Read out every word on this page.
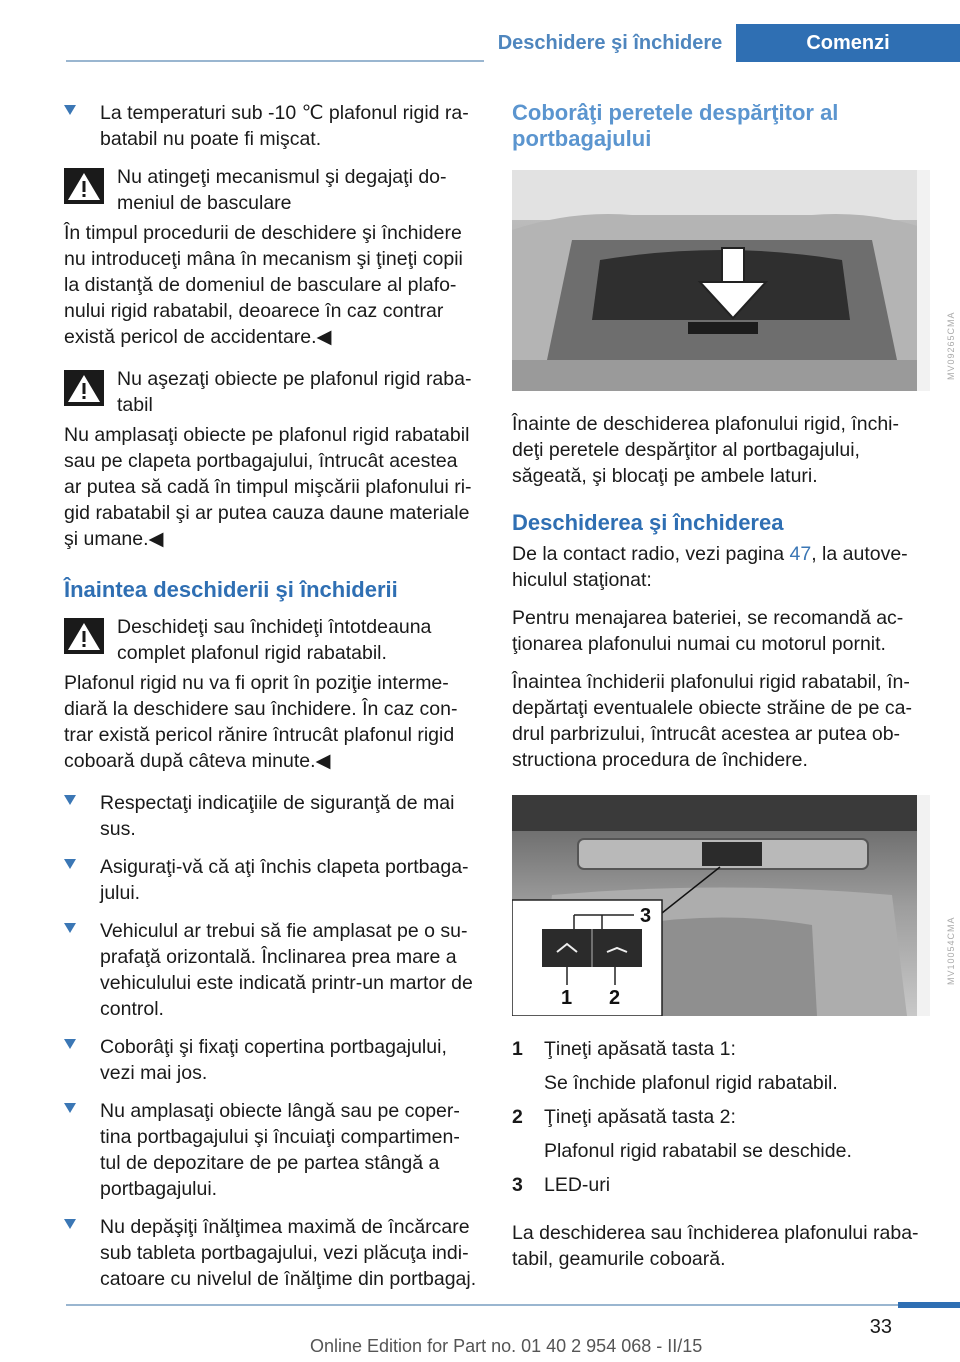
Deschidere şi închidere	Comenzi
La temperaturi sub -10 ℃ plafonul rigid ra‐batabil nu poate fi mişcat.
Nu atingeţi mecanismul şi degajaţi do‐meniul de basculare

În timpul procedurii de deschidere şi închidere nu introduceţi mâna în mecanism şi ţineţi copii la distanţă de domeniul de basculare al plafo‐nului rigid rabatabil, deoarece în caz contrar există pericol de accidentare.◀

Nu aşezaţi obiecte pe plafonul rigid raba‐tabil

Nu amplasaţi obiecte pe plafonul rigid rabatabil sau pe clapeta portbagajului, întrucât acestea ar putea să cadă în timpul mişcării plafonului ri‐gid rabatabil şi ar putea cauza daune materiale şi umane.◀

Înaintea deschiderii şi închiderii
Deschideţi sau închideţi întotdeauna complet plafonul rigid rabatabil.

Plafonul rigid nu va fi oprit în poziţie interme‐diară la deschidere sau închidere. În caz con‐trar există pericol rănire întrucât plafonul rigid coboară după câteva minute.◀

Respectaţi indicaţiile de siguranţă de mai sus.
Asiguraţi-vă că aţi închis clapeta portbaga‐jului.
Vehiculul ar trebui să fie amplasat pe o su‐prafaţă orizontală. Înclinarea prea mare a vehiculului este indicată printr-un martor de control.
Coborâţi şi fixaţi copertina portbagajului, vezi mai jos.
Nu amplasaţi obiecte lângă sau pe coper‐tina portbagajului şi încuiaţi compartimen‐tul de depozitare de pe partea stângă a portbagajului.
Nu depăşiţi înălţimea maximă de încărcare sub tableta portbagajului, vezi plăcuţa indi‐catoare cu nivelul de înălţime din portbagaj.
Coborâţi peretele despărţitor al portbagajului

Înainte de deschiderea plafonului rigid, închi‐deţi peretele despărţitor al portbagajului, săgeată, şi blocaţi pe ambele laturi.

Deschiderea şi închiderea

De la contact radio, vezi pagina 47, la autove‐hiculul staţionat:

Pentru menajarea bateriei, se recomandă ac‐ţionarea plafonului numai cu motorul pornit.

Înaintea închiderii plafonului rigid rabatabil, în‐depărtaţi eventualele obiecte străine de pe ca‐drul parbrizului, întrucât acestea ar putea ob‐structiona procedura de închidere.

1 2
3
1 Ţineţi apăsată tasta 1:
Se închide plafonul rigid rabatabil.
2 Ţineţi apăsată tasta 2:
Plafonul rigid rabatabil se deschide.
3 LED-uri

La deschiderea sau închiderea plafonului raba‐tabil, geamurile coboară.

MV09265CMA
MV10054CMA
33
Online Edition for Part no. 01 40 2 954 068 - II/15
